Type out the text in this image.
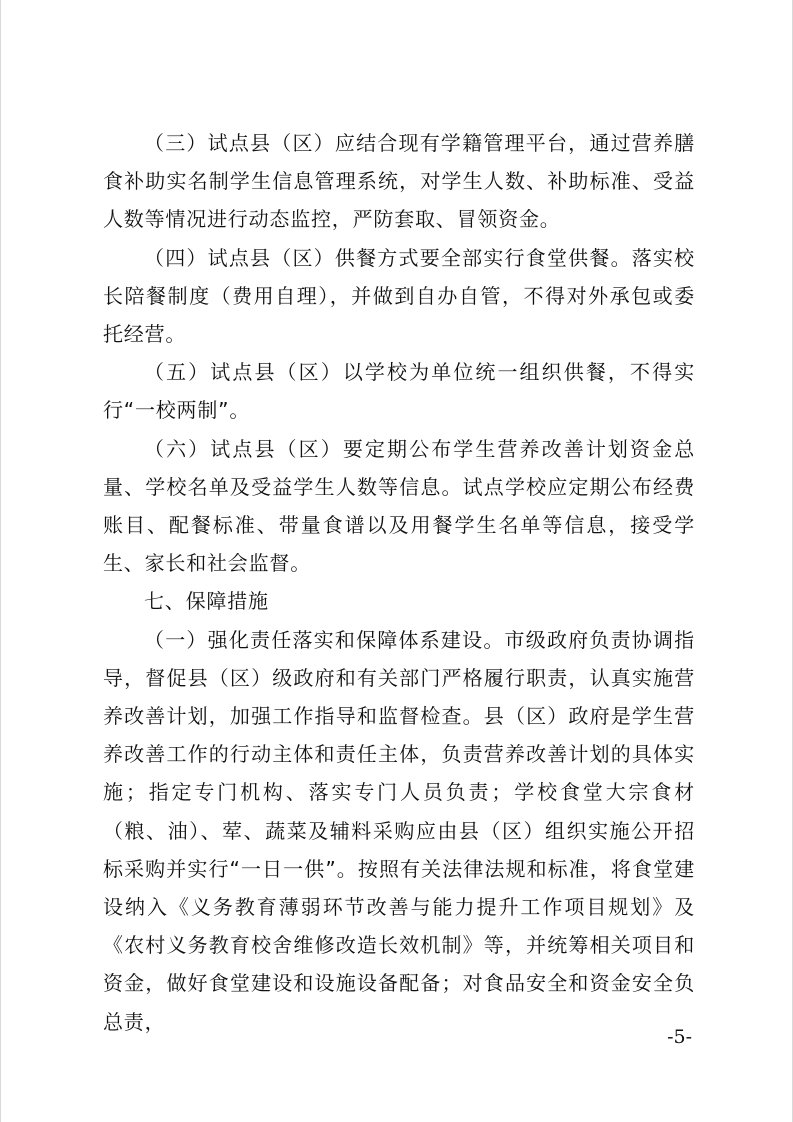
（三）试点县（区）应结合现有学籍管理平台，通过营养膳食补助实名制学生信息管理系统，对学生人数、补助标准、受益人数等情况进行动态监控，严防套取、冒领资金。

（四）试点县（区）供餐方式要全部实行食堂供餐。落实校长陪餐制度（费用自理），并做到自办自管，不得对外承包或委托经营。

（五）试点县（区）以学校为单位统一组织供餐，不得实行“一校两制”。

（六）试点县（区）要定期公布学生营养改善计划资金总量、学校名单及受益学生人数等信息。试点学校应定期公布经费账目、配餐标准、带量食谱以及用餐学生名单等信息，接受学生、家长和社会监督。

七、保障措施

（一）强化责任落实和保障体系建设。市级政府负责协调指导，督促县（区）级政府和有关部门严格履行职责，认真实施营养改善计划，加强工作指导和监督检查。县（区）政府是学生营养改善工作的行动主体和责任主体，负责营养改善计划的具体实施；指定专门机构、落实专门人员负责；学校食堂大宗食材（粮、油）、荤、蔬菜及辅料采购应由县（区）组织实施公开招标采购并实行“一日一供”。按照有关法律法规和标准，将食堂建设纳入《义务教育薄弱环节改善与能力提升工作项目规划》及《农村义务教育校舍维修改造长效机制》等，并统筹相关项目和资金，做好食堂建设和设施设备配备；对食品安全和资金安全负总责，

-5-
